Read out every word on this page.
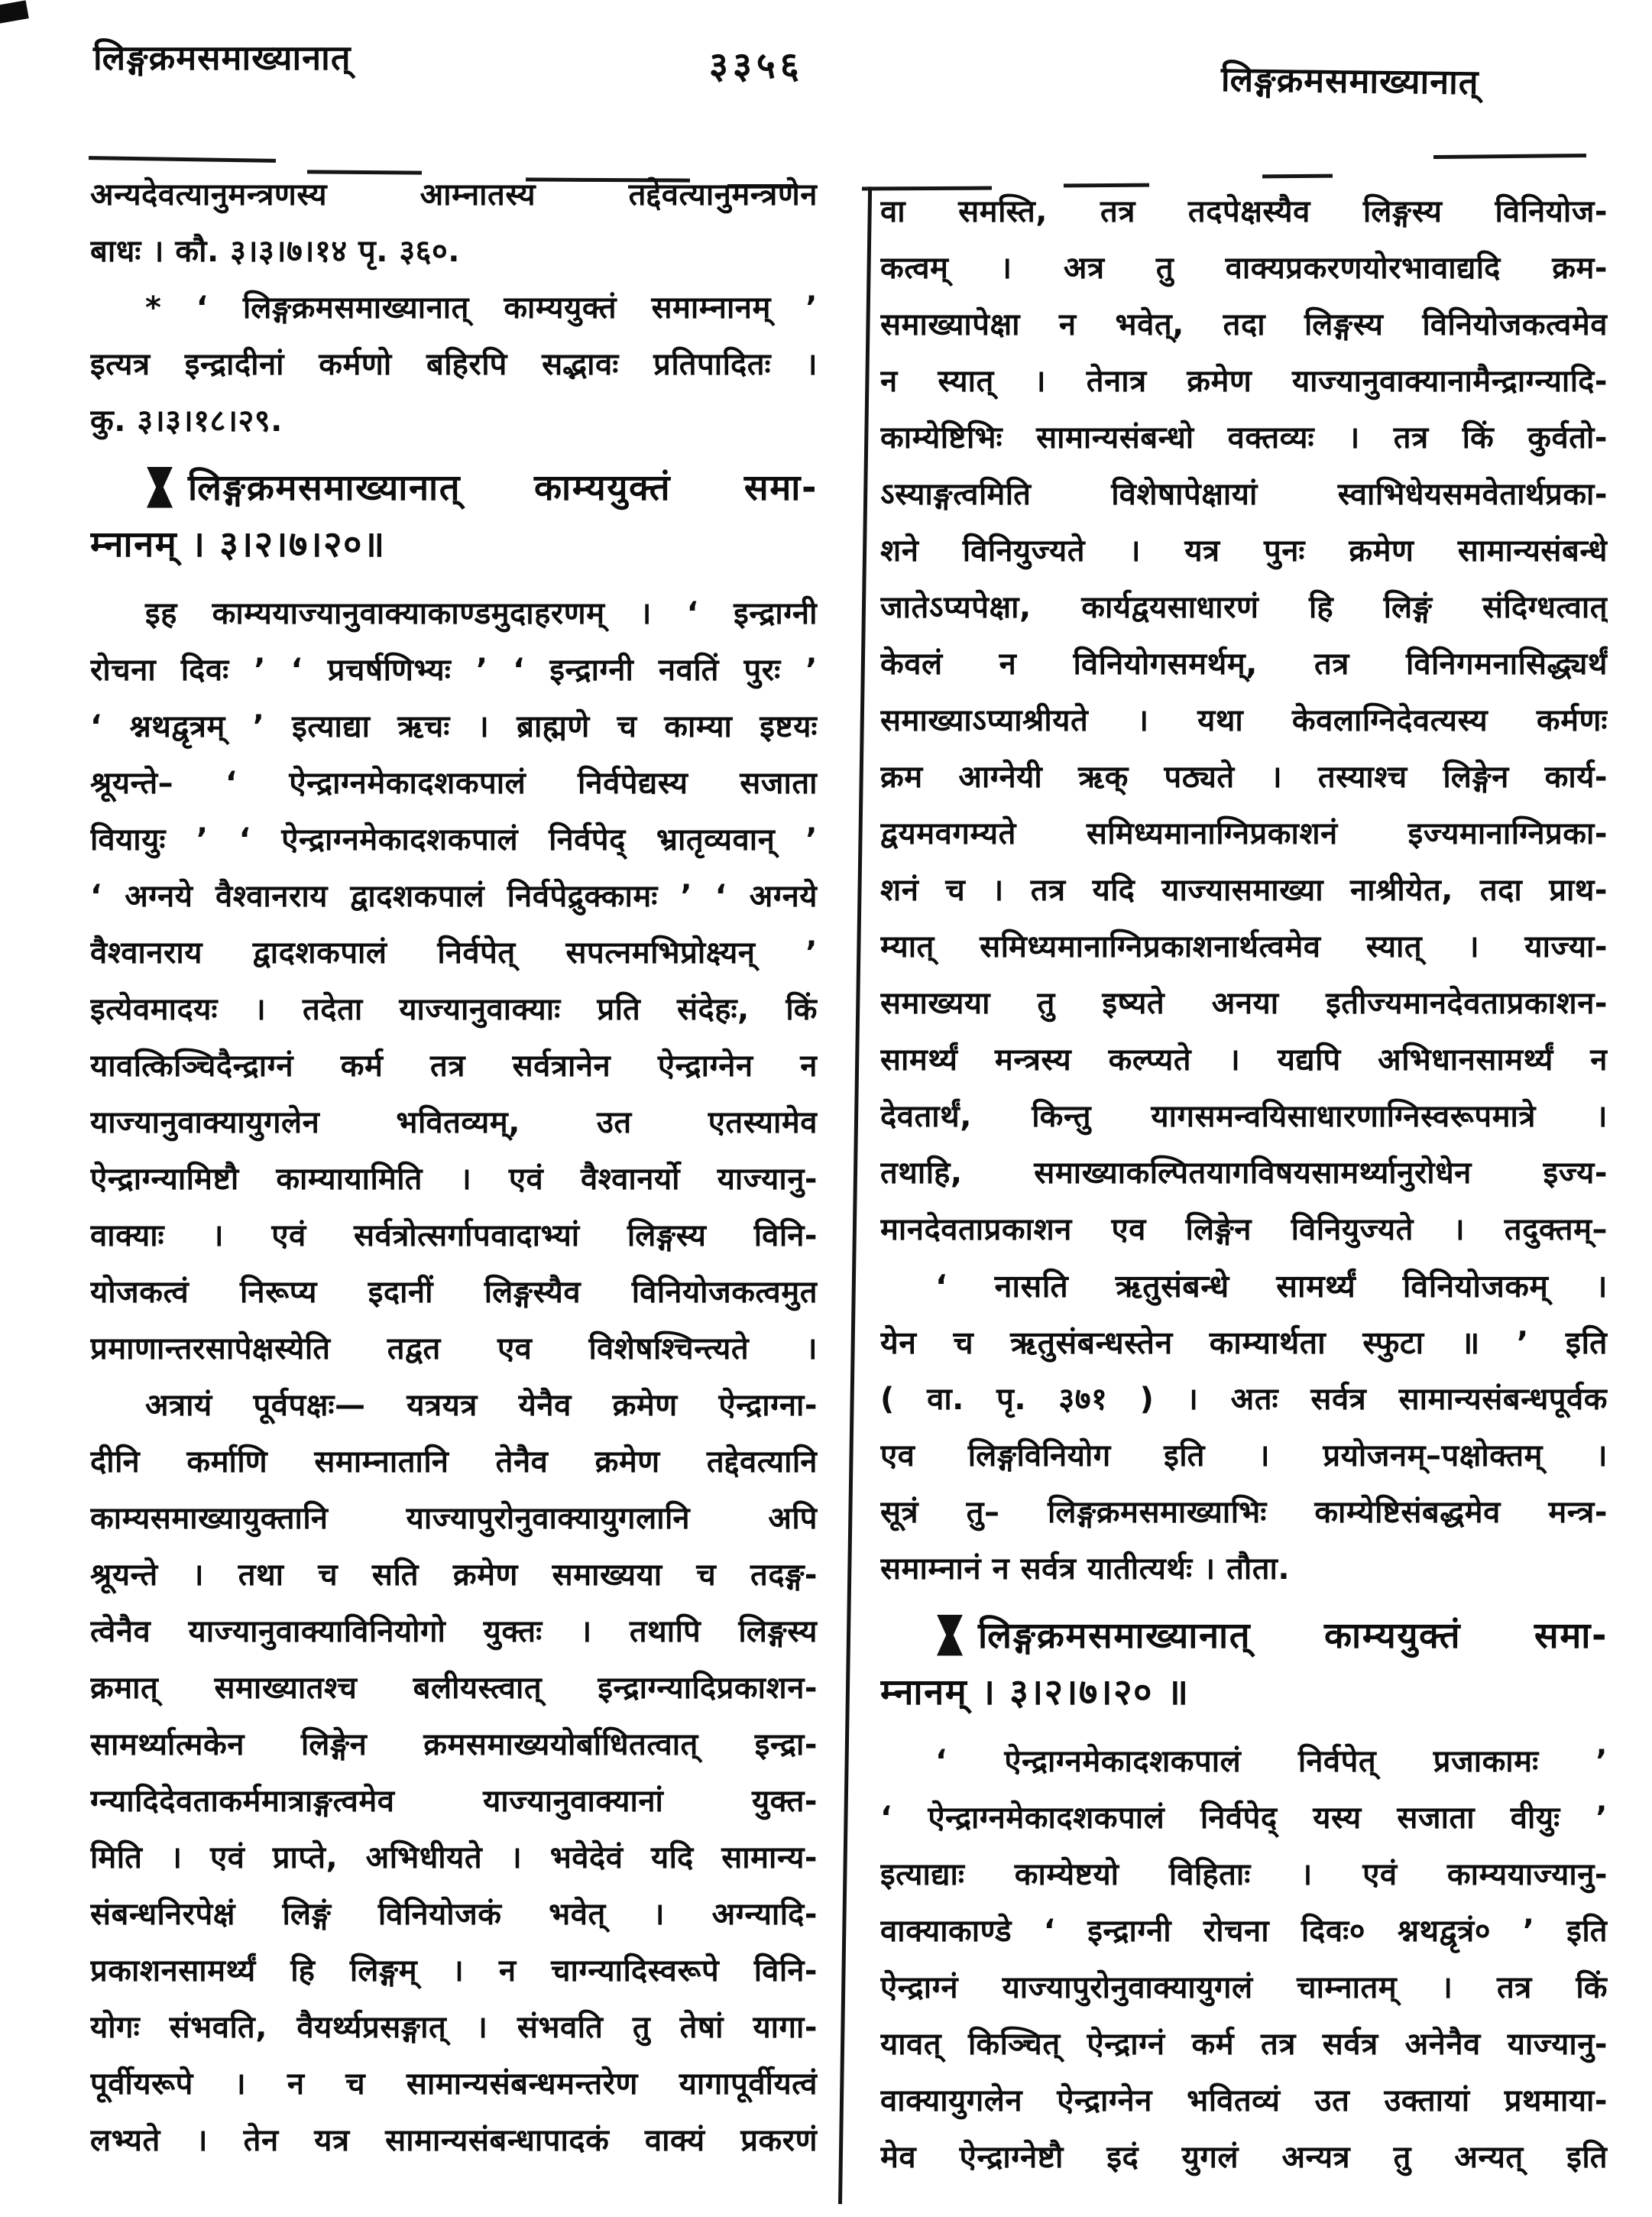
लिङ्गक्रमसमाख्यानात्	३३५६	लिङ्गक्रमसमाख्यानात्
अन्यदेवत्यानुमन्त्रणस्य आम्नातस्य तद्देवत्यानुमन्त्रणेन
बाधः । कौ. ३।३।७।१४ पृ. ३६०.
* ‘ लिङ्गक्रमसमाख्यानात् काम्ययुक्तं समाम्नानम् ’
इत्यत्र इन्द्रादीनां कर्मणो बहिरपि सद्भावः प्रतिपादितः ।
कु. ३।३।१८।२९.
लिङ्गक्रमसमाख्यानात् काम्ययुक्तं समा-
म्नानम् । ३।२।७।२०॥
इह काम्ययाज्यानुवाक्याकाण्डमुदाहरणम् । ‘ इन्द्राग्नी
रोचना दिवः ’ ‘ प्रचर्षणिभ्यः ’ ‘ इन्द्राग्नी नवतिं पुरः ’
‘ श्नथद्वृत्रम् ’ इत्याद्या ऋचः । ब्राह्मणे च काम्या इष्टयः
श्रूयन्ते– ‘ ऐन्द्राग्नमेकादशकपालं निर्वपेद्यस्य सजाता
वियायुः ’ ‘ ऐन्द्राग्नमेकादशकपालं निर्वपेद् भ्रातृव्यवान् ’
‘ अग्नये वैश्वानराय द्वादशकपालं निर्वपेद्रुक्कामः ’ ‘ अग्नये
वैश्वानराय द्वादशकपालं निर्वपेत् सपत्नमभिप्रोक्ष्यन् ’
इत्येवमादयः । तदेता याज्यानुवाक्याः प्रति संदेहः, किं
यावत्किञ्चिदैन्द्राग्नं कर्म तत्र सर्वत्रानेन ऐन्द्राग्नेन न
याज्यानुवाक्यायुगलेन भवितव्यम्, उत एतस्यामेव
ऐन्द्राग्न्यामिष्टौ काम्यायामिति । एवं वैश्वानर्यो याज्यानु-
वाक्याः । एवं सर्वत्रोत्सर्गापवादाभ्यां लिङ्गस्य विनि-
योजकत्वं निरूप्य इदानीं लिङ्गस्यैव विनियोजकत्वमुत
प्रमाणान्तरसापेक्षस्येति तद्वत एव विशेषश्चिन्त्यते ।
अत्रायं पूर्वपक्षः— यत्रयत्र येनैव क्रमेण ऐन्द्राग्ना-
दीनि कर्माणि समाम्नातानि तेनैव क्रमेण तद्देवत्यानि
काम्यसमाख्यायुक्तानि याज्यापुरोनुवाक्यायुगलानि अपि
श्रूयन्ते । तथा च सति क्रमेण समाख्यया च तदङ्ग-
त्वेनैव याज्यानुवाक्याविनियोगो युक्तः । तथापि लिङ्गस्य
क्रमात् समाख्यातश्च बलीयस्त्वात् इन्द्राग्न्यादिप्रकाशन-
सामर्थ्यात्मकेन लिङ्गेन क्रमसमाख्ययोर्बाधितत्वात् इन्द्रा-
ग्न्यादिदेवताकर्ममात्राङ्गत्वमेव याज्यानुवाक्यानां युक्त-
मिति । एवं प्राप्ते, अभिधीयते । भवेदेवं यदि सामान्य-
संबन्धनिरपेक्षं लिङ्गं विनियोजकं भवेत् । अग्न्यादि-
प्रकाशनसामर्थ्यं हि लिङ्गम् । न चाग्न्यादिस्वरूपे विनि-
योगः संभवति, वैयर्थ्यप्रसङ्गात् । संभवति तु तेषां यागा-
पूर्वीयरूपे । न च सामान्यसंबन्धमन्तरेण यागापूर्वीयत्वं
लभ्यते । तेन यत्र सामान्यसंबन्धापादकं वाक्यं प्रकरणं
वा समस्ति, तत्र तदपेक्षस्यैव लिङ्गस्य विनियोज-
कत्वम् । अत्र तु वाक्यप्रकरणयोरभावाद्यदि क्रम-
समाख्यापेक्षा न भवेत्, तदा लिङ्गस्य विनियोजकत्वमेव
न स्यात् । तेनात्र क्रमेण याज्यानुवाक्यानामैन्द्राग्न्यादि-
काम्येष्टिभिः सामान्यसंबन्धो वक्तव्यः । तत्र किं कुर्वतो-
ऽस्याङ्गत्वमिति विशेषापेक्षायां स्वाभिधेयसमवेतार्थप्रका-
शने विनियुज्यते । यत्र पुनः क्रमेण सामान्यसंबन्धे
जातेऽप्यपेक्षा, कार्यद्वयसाधारणं हि लिङ्गं संदिग्धत्वात्
केवलं न विनियोगसमर्थम्, तत्र विनिगमनासिद्ध्यर्थं
समाख्याऽप्याश्रीयते । यथा केवलाग्निदेवत्यस्य कर्मणः
क्रम आग्नेयी ऋक् पठ्यते । तस्याश्च लिङ्गेन कार्य-
द्वयमवगम्यते समिध्यमानाग्निप्रकाशनं इज्यमानाग्निप्रका-
शनं च । तत्र यदि याज्यासमाख्या नाश्रीयेत, तदा प्राथ-
म्यात् समिध्यमानाग्निप्रकाशनार्थत्वमेव स्यात् । याज्या-
समाख्यया तु इष्यते अनया इतीज्यमानदेवताप्रकाशन-
सामर्थ्यं मन्त्रस्य कल्प्यते । यद्यपि अभिधानसामर्थ्यं न
देवतार्थं, किन्तु यागसमन्वयिसाधारणाग्निस्वरूपमात्रे ।
तथाहि, समाख्याकल्पितयागविषयसामर्थ्यानुरोधेन इज्य-
मानदेवताप्रकाशन एव लिङ्गेन विनियुज्यते । तदुक्तम्–
‘ नासति ऋतुसंबन्धे सामर्थ्यं विनियोजकम् ।
येन च ऋतुसंबन्धस्तेन काम्यार्थता स्फुटा ॥ ’ इति
( वा. पृ. ३७१ ) । अतः सर्वत्र सामान्यसंबन्धपूर्वक
एव लिङ्गविनियोग इति । प्रयोजनम्–पक्षोक्तम् ।
सूत्रं तु– लिङ्गक्रमसमाख्याभिः काम्येष्टिसंबद्धमेव मन्त्र-
समाम्नानं न सर्वत्र यातीत्यर्थः । तौता.
लिङ्गक्रमसमाख्यानात् काम्ययुक्तं समा-
म्नानम् । ३।२।७।२० ॥
‘ ऐन्द्राग्नमेकादशकपालं निर्वपेत् प्रजाकामः ’
‘ ऐन्द्राग्नमेकादशकपालं निर्वपेद् यस्य सजाता वीयुः ’
इत्याद्याः काम्येष्टयो विहिताः । एवं काम्ययाज्यानु-
वाक्याकाण्डे ‘ इन्द्राग्नी रोचना दिवः० श्नथद्वृत्रं० ’ इति
ऐन्द्राग्नं याज्यापुरोनुवाक्यायुगलं चाम्नातम् । तत्र किं
यावत् किञ्चित् ऐन्द्राग्नं कर्म तत्र सर्वत्र अनेनैव याज्यानु-
वाक्यायुगलेन ऐन्द्राग्नेन भवितव्यं उत उक्तायां प्रथमाया-
मेव ऐन्द्राग्नेष्टौ इदं युगलं अन्यत्र तु अन्यत् इति
